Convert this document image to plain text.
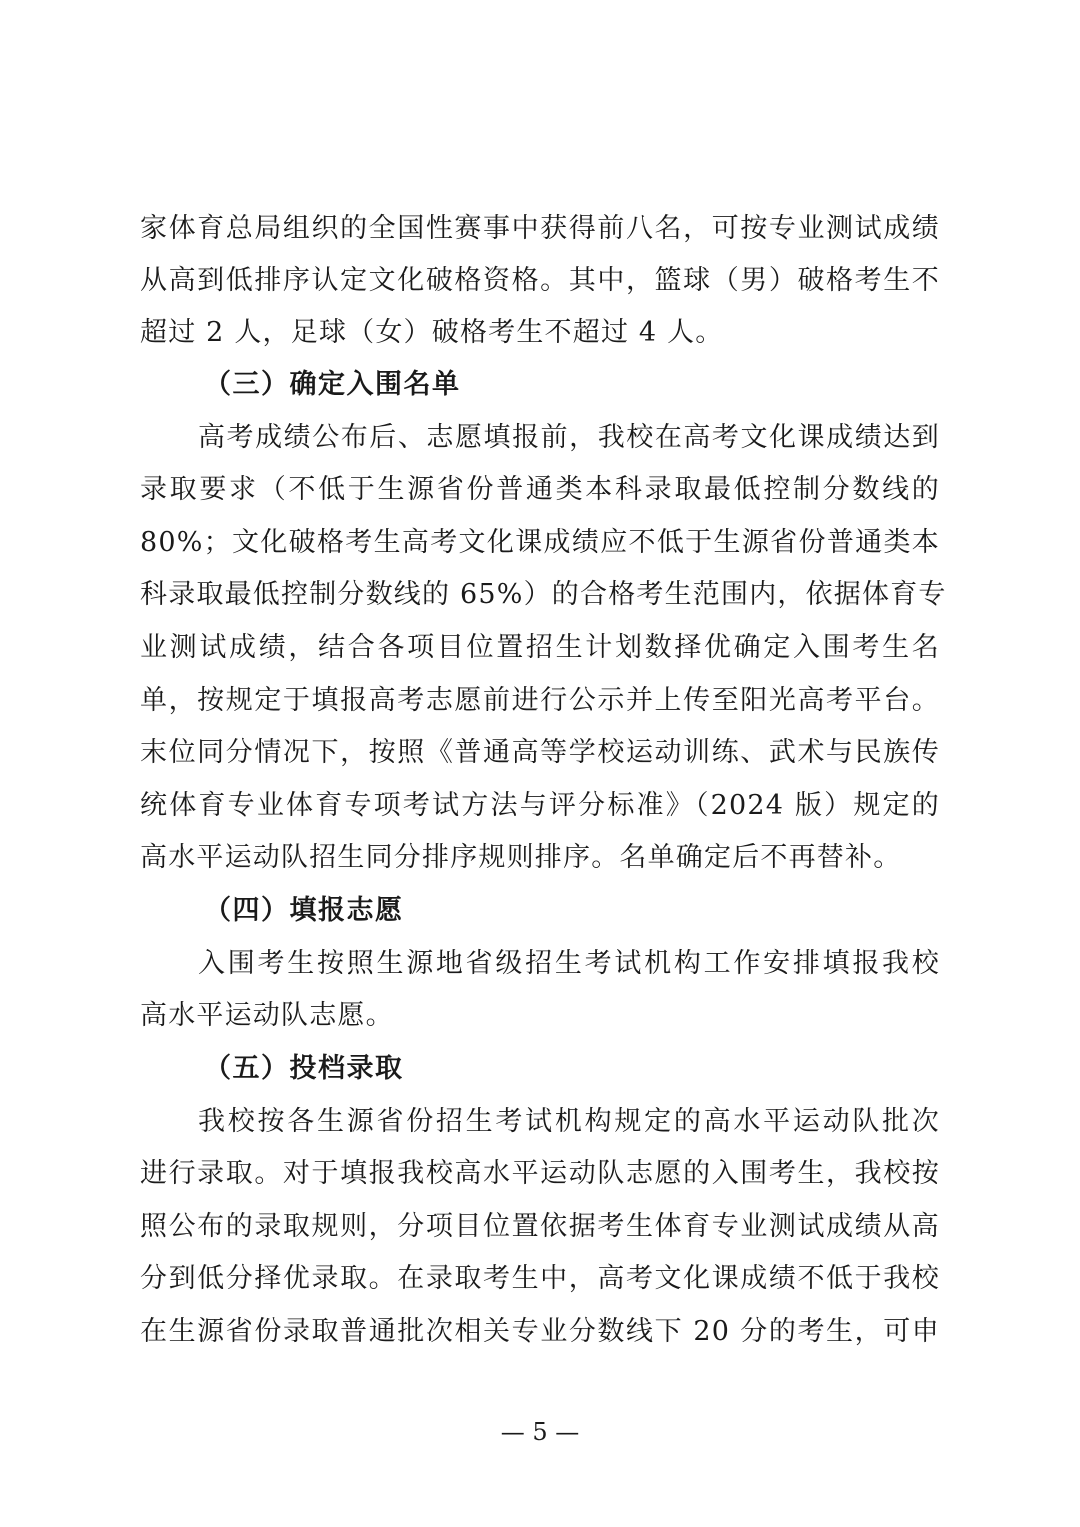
家体育总局组织的全国性赛事中获得前八名，可按专业测试成绩
从高到低排序认定文化破格资格。其中，篮球（男）破格考生不
超过 2 人，足球（女）破格考生不超过 4 人。
（三）确定入围名单
高考成绩公布后、志愿填报前，我校在高考文化课成绩达到
录取要求（不低于生源省份普通类本科录取最低控制分数线的
80%；文化破格考生高考文化课成绩应不低于生源省份普通类本
科录取最低控制分数线的 65%）的合格考生范围内，依据体育专
业测试成绩，结合各项目位置招生计划数择优确定入围考生名
单，按规定于填报高考志愿前进行公示并上传至阳光高考平台。
末位同分情况下，按照《普通高等学校运动训练、武术与民族传
统体育专业体育专项考试方法与评分标准》（2024 版）规定的
高水平运动队招生同分排序规则排序。名单确定后不再替补。
（四）填报志愿
入围考生按照生源地省级招生考试机构工作安排填报我校
高水平运动队志愿。
（五）投档录取
我校按各生源省份招生考试机构规定的高水平运动队批次
进行录取。对于填报我校高水平运动队志愿的入围考生，我校按
照公布的录取规则，分项目位置依据考生体育专业测试成绩从高
分到低分择优录取。在录取考生中，高考文化课成绩不低于我校
在生源省份录取普通批次相关专业分数线下 20 分的考生，可申
— 5 —
